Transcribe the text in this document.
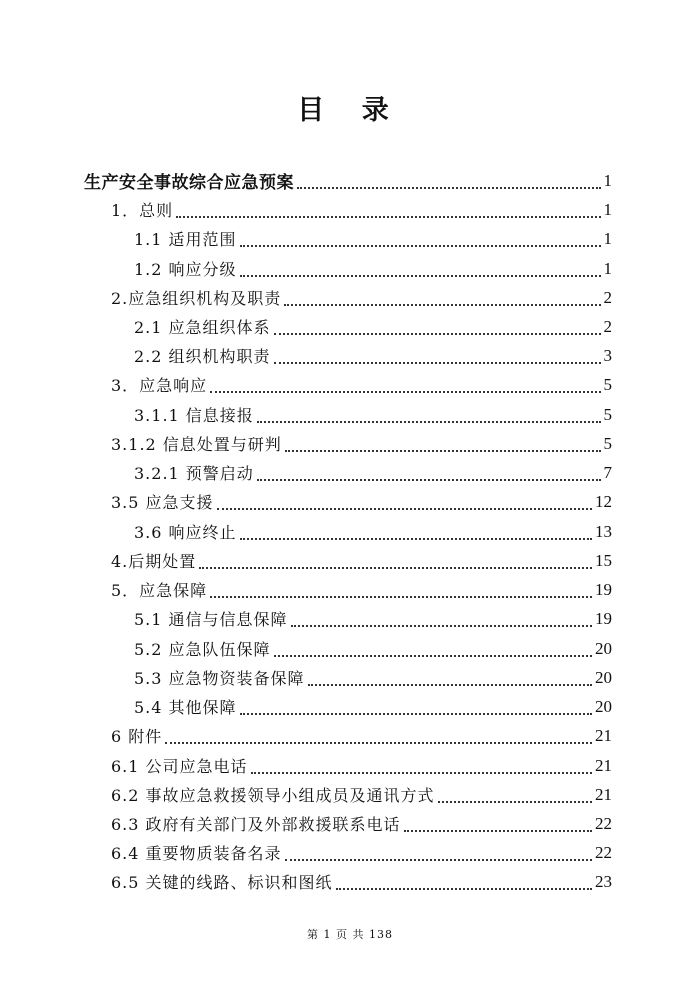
目 录
生产安全事故综合应急预案	1
1．总则	1
1.1 适用范围	1
1.2 响应分级	1
2.应急组织机构及职责	2
2.1 应急组织体系	2
2.2 组织机构职责	3
3．应急响应	5
3.1.1 信息接报	5
3.1.2 信息处置与研判	5
3.2.1 预警启动	7
3.5 应急支援	12
3.6 响应终止	13
4.后期处置	15
5．应急保障	19
5.1 通信与信息保障	19
5.2 应急队伍保障	20
5.3 应急物资装备保障	20
5.4 其他保障	20
6 附件	21
6.1 公司应急电话	21
6.2 事故应急救援领导小组成员及通讯方式	21
6.3 政府有关部门及外部救援联系电话	22
6.4 重要物质装备名录	22
6.5 关键的线路、标识和图纸	23
第 1 页 共 138
